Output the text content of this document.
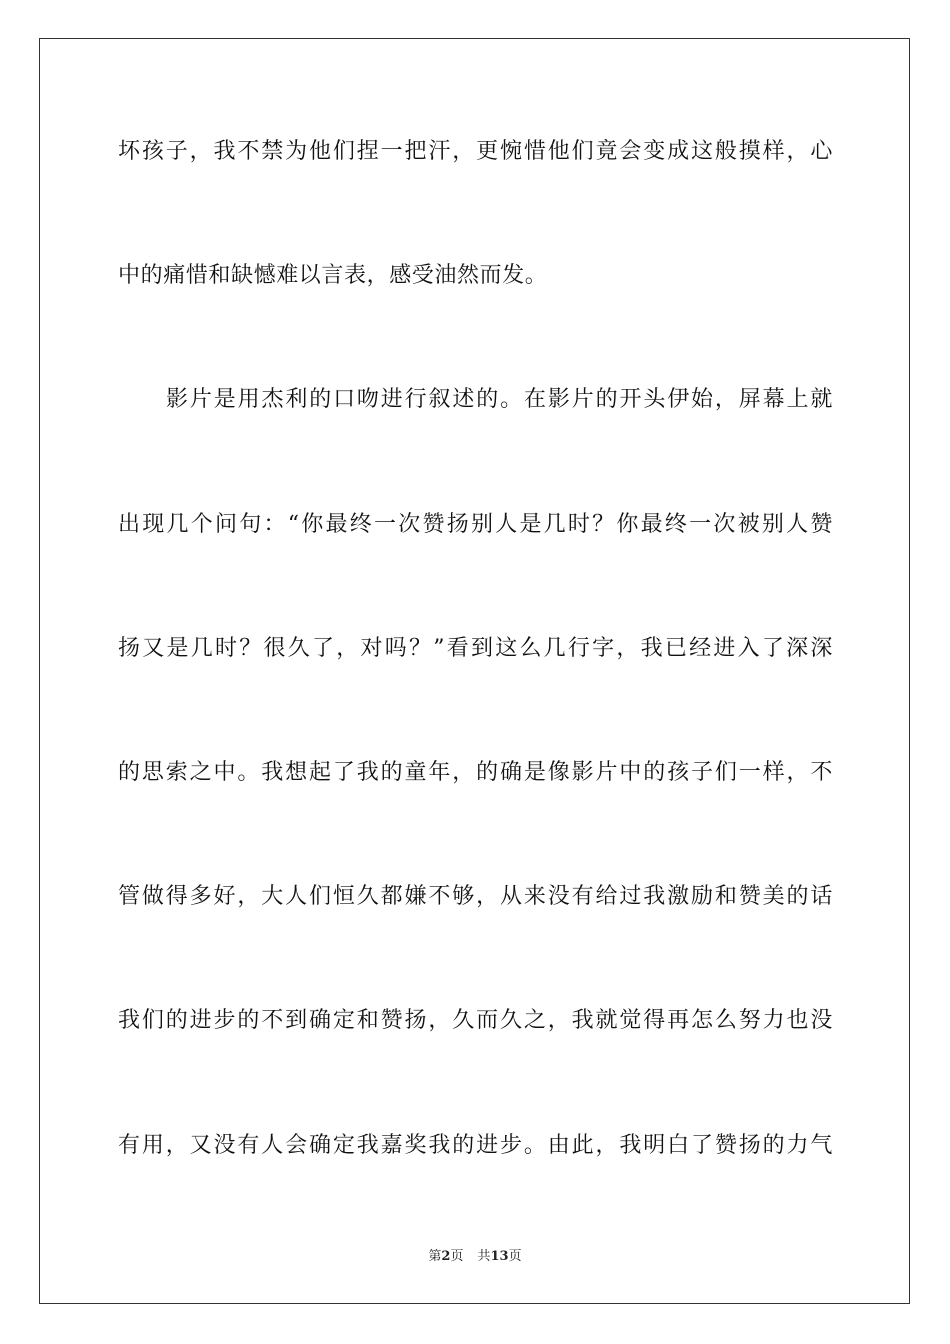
坏孩子，我不禁为他们捏一把汗，更惋惜他们竟会变成这般摸样，心
中的痛惜和缺憾难以言表，感受油然而发。
影片是用杰利的口吻进行叙述的。在影片的开头伊始，屏幕上就
出现几个问句：“你最终一次赞扬别人是几时？你最终一次被别人赞
扬又是几时？很久了，对吗？”看到这么几行字，我已经进入了深深
的思索之中。我想起了我的童年，的确是像影片中的孩子们一样，不
管做得多好，大人们恒久都嫌不够，从来没有给过我激励和赞美的话
我们的进步的不到确定和赞扬，久而久之，我就觉得再怎么努力也没
有用，又没有人会确定我嘉奖我的进步。由此，我明白了赞扬的力气
第2页 共13页
